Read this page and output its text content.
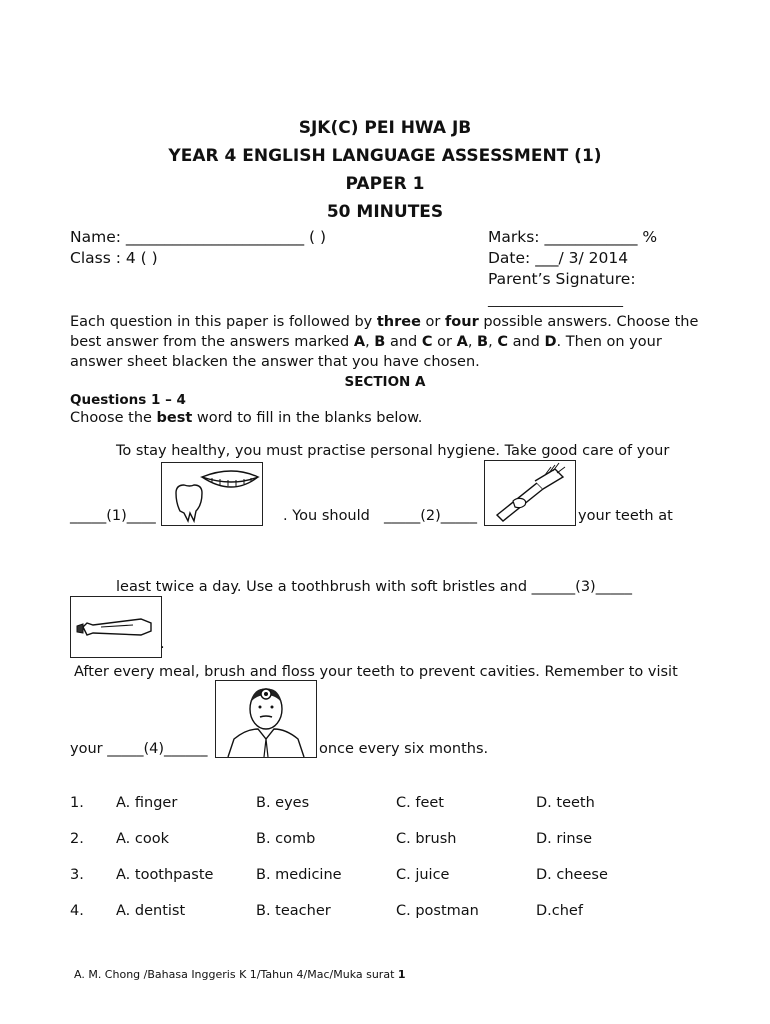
SJK(C) PEI HWA JB
YEAR 4 ENGLISH LANGUAGE ASSESSMENT (1)
PAPER 1
50 MINUTES
Name: _______________________ ( )
Class : 4 ( )
Marks: ____________ %
Date: ___/ 3/ 2014
Parent’s Signature:
____________________
Each question in this paper is followed by three or four possible answers. Choose the
best answer from the answers marked A, B and C or A, B, C and D. Then on your
answer sheet blacken the answer that you have chosen.
SECTION A
Questions 1 – 4
Choose the best word to fill in the blanks below.
To stay healthy, you must practise personal hygiene. Take good care of your
_____(1)____	. You should _____(2)_____	your teeth at
least twice a day. Use a toothbrush with soft bristles and ______(3)_____
.
After every meal, brush and floss your teeth to prevent cavities. Remember to visit
your _____(4)______	once every six months.
1. A. finger	B. eyes	C. feet	D. teeth
2. A. cook	B. comb	C. brush	D. rinse
3. A. toothpaste	B. medicine	C. juice	D. cheese
4. A. dentist	B. teacher	C. postman	D.chef
A. M. Chong /Bahasa Inggeris K 1/Tahun 4/Mac/Muka surat 1
